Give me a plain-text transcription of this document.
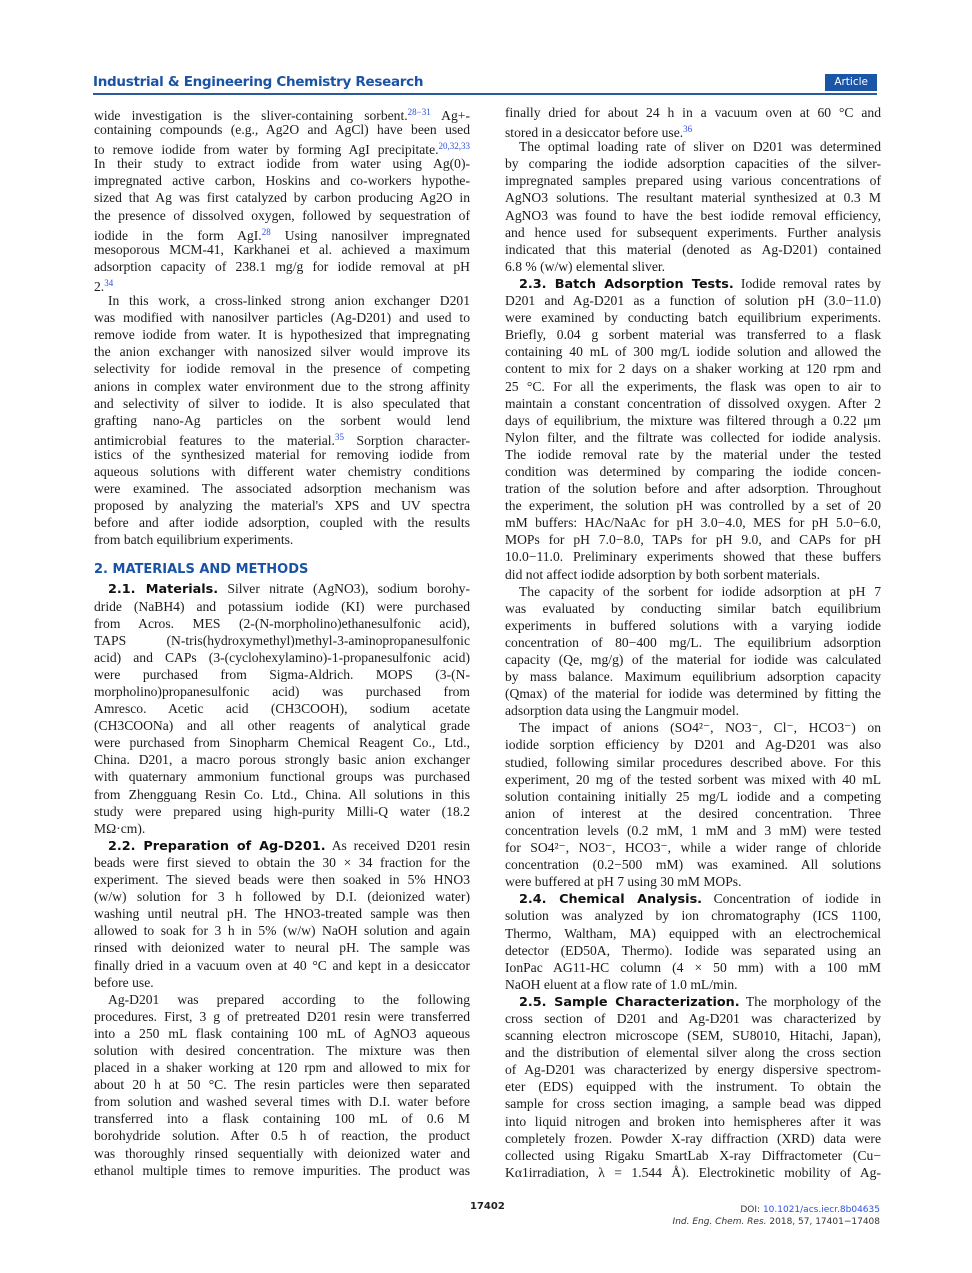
Industrial & Engineering Chemistry Research	Article
wide investigation is the sliver-containing sorbent.$^{28-31}$ Ag+-
containing compounds (e.g., Ag2O and AgCl) have been used
to remove iodide from water by forming AgI precipitate.$^{20,32,33}$
In their study to extract iodide from water using Ag(0)-
impregnated active carbon, Hoskins and co-workers hypothe-
sized that Ag was first catalyzed by carbon producing Ag2O in
the presence of dissolved oxygen, followed by sequestration of
iodide in the form AgI.$^{28}$ Using nanosilver impregnated
mesoporous MCM-41, Karkhanei et al. achieved a maximum
adsorption capacity of 238.1 mg/g for iodide removal at pH
2.34
In this work, a cross-linked strong anion exchanger D201
was modified with nanosilver particles (Ag-D201) and used to
remove iodide from water. It is hypothesized that impregnating
the anion exchanger with nanosized silver would improve its
selectivity for iodide removal in the presence of competing
anions in complex water environment due to the strong affinity
and selectivity of silver to iodide. It is also speculated that
grafting nano-Ag particles on the sorbent would lend
antimicrobial features to the material.$^{35}$ Sorption character-
istics of the synthesized material for removing iodide from
aqueous solutions with different water chemistry conditions
were examined. The associated adsorption mechanism was
proposed by analyzing the material's XPS and UV spectra
before and after iodide adsorption, coupled with the results
from batch equilibrium experiments.
2. MATERIALS AND METHODS
2.1. Materials. Silver nitrate (AgNO3), sodium borohy-
dride (NaBH4) and potassium iodide (KI) were purchased
from Acros. MES (2-(N-morpholino)ethanesulfonic acid),
TAPS (N-tris(hydroxymethyl)methyl-3-aminopropanesulfonic
acid) and CAPs (3-(cyclohexylamino)-1-propanesulfonic acid)
were purchased from Sigma-Aldrich. MOPS (3-(N-
morpholino)propanesulfonic acid) was purchased from
Amresco. Acetic acid (CH3COOH), sodium acetate
(CH3COONa) and all other reagents of analytical grade
were purchased from Sinopharm Chemical Reagent Co., Ltd.,
China. D201, a macro porous strongly basic anion exchanger
with quaternary ammonium functional groups was purchased
from Zhengguang Resin Co. Ltd., China. All solutions in this
study were prepared using high-purity Milli-Q water (18.2
MΩ·cm).
2.2. Preparation of Ag-D201. As received D201 resin
beads were first sieved to obtain the 30 × 34 fraction for the
experiment. The sieved beads were then soaked in 5% HNO3
(w/w) solution for 3 h followed by D.I. (deionized water)
washing until neutral pH. The HNO3-treated sample was then
allowed to soak for 3 h in 5% (w/w) NaOH solution and again
rinsed with deionized water to neural pH. The sample was
finally dried in a vacuum oven at 40 °C and kept in a desiccator
before use.
Ag-D201 was prepared according to the following
procedures. First, 3 g of pretreated D201 resin were transferred
into a 250 mL flask containing 100 mL of AgNO3 aqueous
solution with desired concentration. The mixture was then
placed in a shaker working at 120 rpm and allowed to mix for
about 20 h at 50 °C. The resin particles were then separated
from solution and washed several times with D.I. water before
transferred into a flask containing 100 mL of 0.6 M
borohydride solution. After 0.5 h of reaction, the product
was thoroughly rinsed sequentially with deionized water and
ethanol multiple times to remove impurities. The product was
finally dried for about 24 h in a vacuum oven at 60 °C and
stored in a desiccator before use.$^{36}$
The optimal loading rate of sliver on D201 was determined
by comparing the iodide adsorption capacities of the silver-
impregnated samples prepared using various concentrations of
AgNO3 solutions. The resultant material synthesized at 0.3 M
AgNO3 was found to have the best iodide removal efficiency,
and hence used for subsequent experiments. Further analysis
indicated that this material (denoted as Ag-D201) contained
6.8 % (w/w) elemental sliver.
2.3. Batch Adsorption Tests. Iodide removal rates by
D201 and Ag-D201 as a function of solution pH (3.0−11.0)
were examined by conducting batch equilibrium experiments.
Briefly, 0.04 g sorbent material was transferred to a flask
containing 40 mL of 300 mg/L iodide solution and allowed the
content to mix for 2 days on a shaker working at 120 rpm and
25 °C. For all the experiments, the flask was open to air to
maintain a constant concentration of dissolved oxygen. After 2
days of equilibrium, the mixture was filtered through a 0.22 μm
Nylon filter, and the filtrate was collected for iodide analysis.
The iodide removal rate by the material under the tested
condition was determined by comparing the iodide concen-
tration of the solution before and after adsorption. Throughout
the experiment, the solution pH was controlled by a set of 20
mM buffers: HAc/NaAc for pH 3.0−4.0, MES for pH 5.0−6.0,
MOPs for pH 7.0−8.0, TAPs for pH 9.0, and CAPs for pH
10.0−11.0. Preliminary experiments showed that these buffers
did not affect iodide adsorption by both sorbent materials.
The capacity of the sorbent for iodide adsorption at pH 7
was evaluated by conducting similar batch equilibrium
experiments in buffered solutions with a varying iodide
concentration of 80−400 mg/L. The equilibrium adsorption
capacity (Qe, mg/g) of the material for iodide was calculated
by mass balance. Maximum equilibrium adsorption capacity
(Qmax) of the material for iodide was determined by fitting the
adsorption data using the Langmuir model.
The impact of anions (SO4²⁻, NO3⁻, Cl⁻, HCO3⁻) on
iodide sorption efficiency by D201 and Ag-D201 was also
studied, following similar procedures described above. For this
experiment, 20 mg of the tested sorbent was mixed with 40 mL
solution containing initially 25 mg/L iodide and a competing
anion of interest at the desired concentration. Three
concentration levels (0.2 mM, 1 mM and 3 mM) were tested
for SO4²⁻, NO3⁻, HCO3⁻, while a wider range of chloride
concentration (0.2−500 mM) was examined. All solutions
were buffered at pH 7 using 30 mM MOPs.
2.4. Chemical Analysis. Concentration of iodide in
solution was analyzed by ion chromatography (ICS 1100,
Thermo, Waltham, MA) equipped with an electrochemical
detector (ED50A, Thermo). Iodide was separated using an
IonPac AG11-HC column (4 × 50 mm) with a 100 mM
NaOH eluent at a flow rate of 1.0 mL/min.
2.5. Sample Characterization. The morphology of the
cross section of D201 and Ag-D201 was characterized by
scanning electron microscope (SEM, SU8010, Hitachi, Japan),
and the distribution of elemental silver along the cross section
of Ag-D201 was characterized by energy dispersive spectrom-
eter (EDS) equipped with the instrument. To obtain the
sample for cross section imaging, a sample bead was dipped
into liquid nitrogen and broken into hemispheres after it was
completely frozen. Powder X-ray diffraction (XRD) data were
collected using Rigaku SmartLab X-ray Diffractometer (Cu−
Kα1irradiation, λ = 1.544 Å). Electrokinetic mobility of Ag-
17402	DOI: 10.1021/acs.iecr.8b04635
Ind. Eng. Chem. Res. 2018, 57, 17401−17408
